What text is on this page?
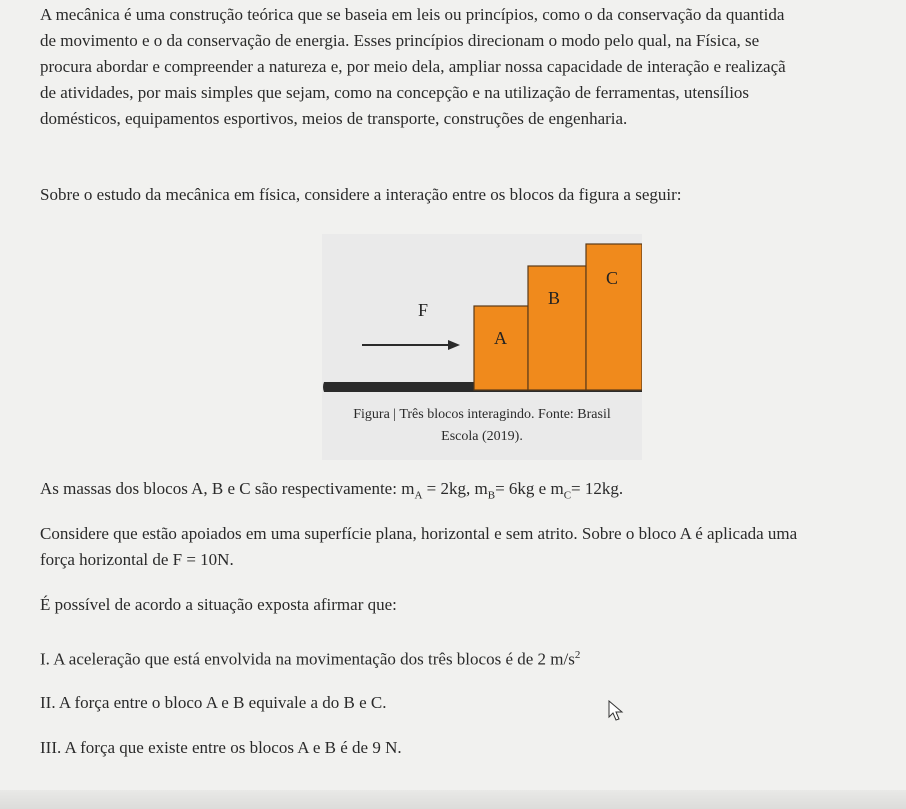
A mecânica é uma construção teórica que se baseia em leis ou princípios, como o da conservação da quantida
de movimento e o da conservação de energia. Esses princípios direcionam o modo pelo qual, na Física, se
procura abordar e compreender a natureza e, por meio dela, ampliar nossa capacidade de interação e realizaçã
de atividades, por mais simples que sejam, como na concepção e na utilização de ferramentas, utensílios
domésticos, equipamentos esportivos, meios de transporte, construções de engenharia.
Sobre o estudo da mecânica em física, considere a interação entre os blocos da figura a seguir:
F
A
B
C
Figura | Três blocos interagindo. Fonte: Brasil
Escola (2019).
As massas dos blocos A, B e C são respectivamente: $m_A = 2kg$, $m_B= 6kg$ e $m_C= 12kg$.
Considere que estão apoiados em uma superfície plana, horizontal e sem atrito. Sobre o bloco A é aplicada uma
força horizontal de F = 10N.
É possível de acordo a situação exposta afirmar que:
I. A aceleração que está envolvida na movimentação dos três blocos é de 2 $m/s^2$
II. A força entre o bloco A e B equivale a do B e C.
III. A força que existe entre os blocos A e B é de 9 N.
